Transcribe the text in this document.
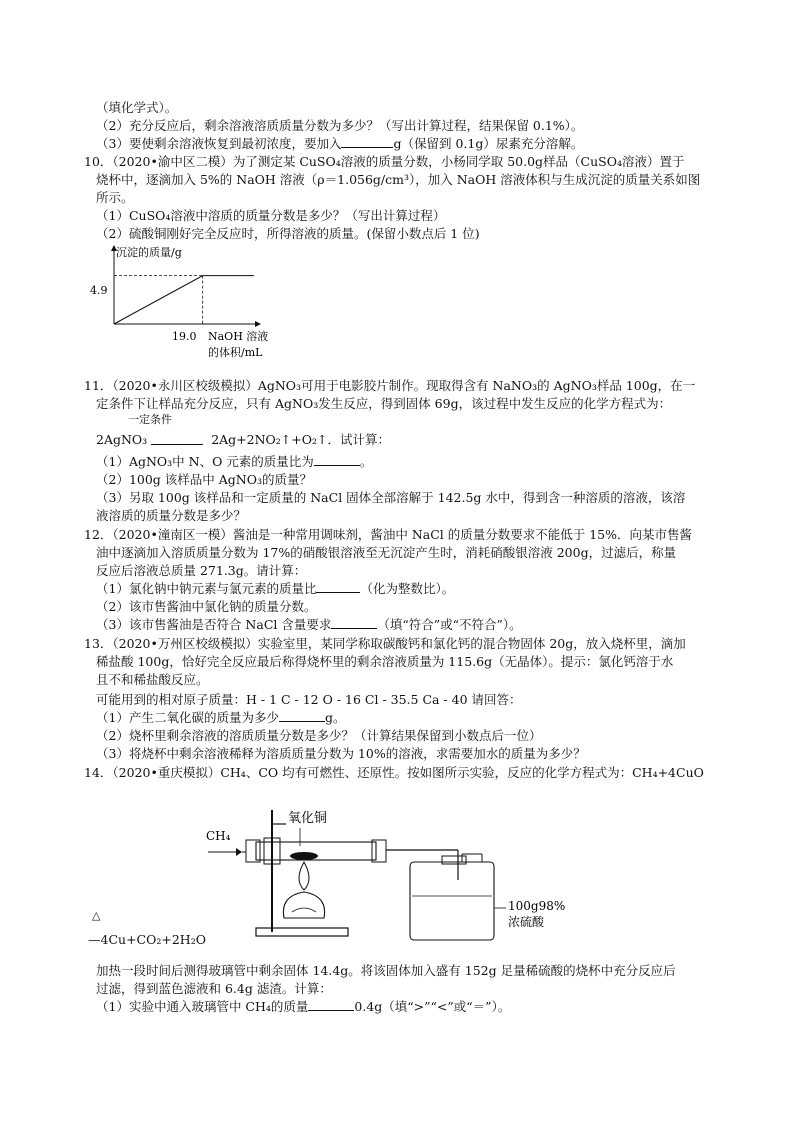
（填化学式）。
（2）充分反应后，剩余溶液溶质质量分数为多少？（写出计算过程，结果保留 0.1%）。
（3）要使剩余溶液恢复到最初浓度，要加入	g（保留到 0.1g）尿素充分溶解。
10．（2020•渝中区二模）为了测定某 CuSO₄溶液的质量分数，小杨同学取 50.0g样品（CuSO₄溶液）置于
烧杯中，逐滴加入 5%的 NaOH 溶液（ρ＝1.056g/cm³），加入 NaOH 溶液体积与生成沉淀的质量关系如图
所示。
（1）CuSO₄溶液中溶质的质量分数是多少？（写出计算过程）
（2）硫酸铜刚好完全反应时，所得溶液的质量。(保留小数点后 1 位)
沉淀的质量/g
4.9
19.0 NaOH 溶液
的体积/mL
11．（2020•永川区校级模拟）AgNO₃可用于电影胶片制作。现取得含有 NaNO₃的 AgNO₃样品 100g，在一
定条件下让样品充分反应，只有 AgNO₃发生反应，得到固体 69g，该过程中发生反应的化学方程式为：
一定条件
2AgNO₃	2Ag+2NO₂↑+O₂↑．试计算：
（1）AgNO₃中 N、O 元素的质量比为	。
（2）100g 该样品中 AgNO₃的质量？
（3）另取 100g 该样品和一定质量的 NaCl 固体全部溶解于 142.5g 水中，得到含一种溶质的溶液，该溶
液溶质的质量分数是多少？
12．（2020•潼南区一模）酱油是一种常用调味剂，酱油中 NaCl 的质量分数要求不能低于 15%．向某市售酱
油中逐滴加入溶质质量分数为 17%的硝酸银溶液至无沉淀产生时，消耗硝酸银溶液 200g，过滤后，称量
反应后溶液总质量 271.3g。请计算：
（1）氯化钠中钠元素与氯元素的质量比	（化为整数比）。
（2）该市售酱油中氯化钠的质量分数。
（3）该市售酱油是否符合 NaCl 含量要求	（填“符合”或“不符合”）。
13．（2020•万州区校级模拟）实验室里，某同学称取碳酸钙和氯化钙的混合物固体 20g，放入烧杯里，滴加
稀盐酸 100g，恰好完全反应最后称得烧杯里的剩余溶液质量为 115.6g（无晶体）。提示：氯化钙溶于水
且不和稀盐酸反应。
可能用到的相对原子质量：H - 1 C - 12 O - 16 Cl - 35.5 Ca - 40 请回答：
（1）产生二氧化碳的质量为多少	g。
（2）烧杯里剩余溶液的溶质质量分数是多少？（计算结果保留到小数点后一位）
（3）将烧杯中剩余溶液稀释为溶质质量分数为 10%的溶液，求需要加水的质量为多少？
14．（2020•重庆模拟）CH₄、CO 均有可燃性、还原性。按如图所示实验，反应的化学方程式为：CH₄+4CuO
CH₄
氧化铜
100g98%
浓硫酸
△
—4Cu+CO₂+2H₂O
加热一段时间后测得玻璃管中剩余固体 14.4g。将该固体加入盛有 152g 足量稀硫酸的烧杯中充分反应后
过滤，得到蓝色滤液和 6.4g 滤渣。计算：
（1）实验中通入玻璃管中 CH₄的质量	0.4g（填“>”“<”或“＝”）。
